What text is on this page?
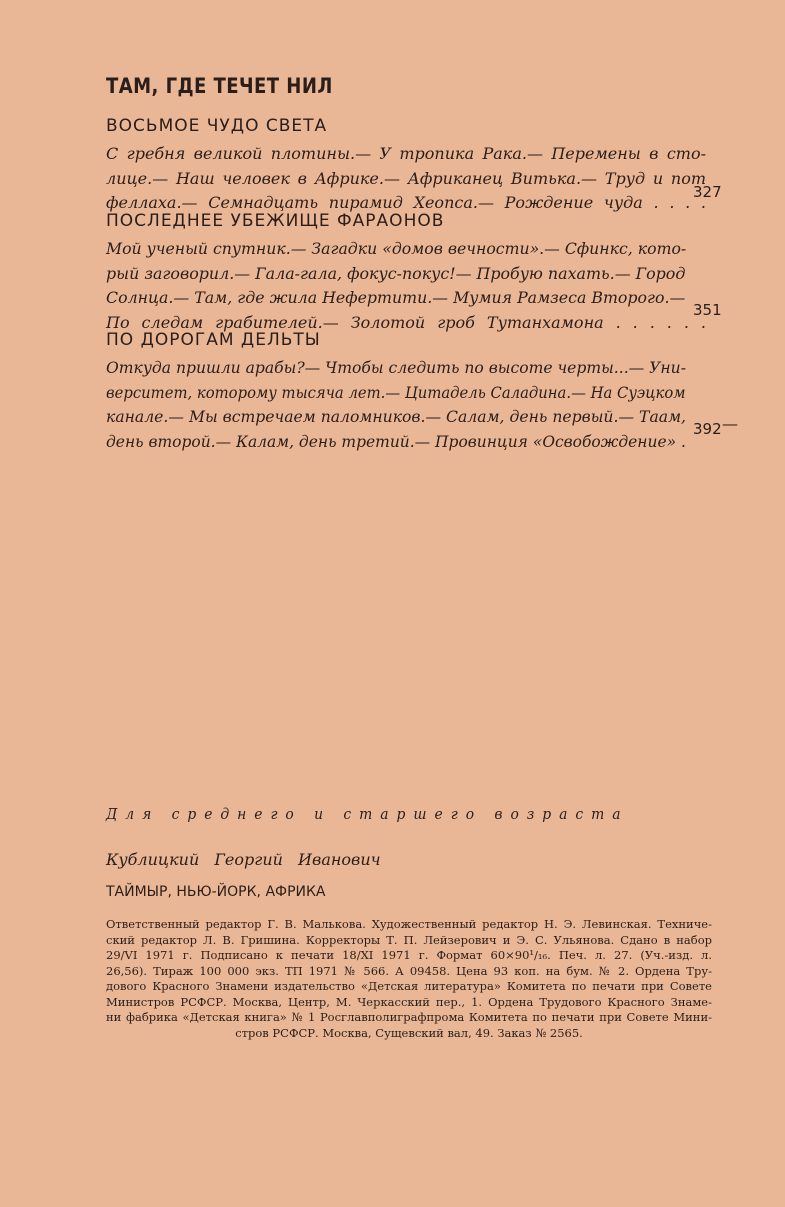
ТАМ, ГДЕ ТЕЧЕТ НИЛ
ВОСЬМОЕ ЧУДО СВЕТА
С гребня великой плотины.— У тропика Рака.— Перемены в сто-
лице.— Наш человек в Африке.— Африканец Витька.— Труд и пот
феллаха.— Семнадцать пирамид Хеопса.— Рождение чуда . . . .
327
ПОСЛЕДНЕЕ УБЕЖИЩЕ ФАРАОНОВ
Мой ученый спутник.— Загадки «домов вечности».— Сфинкс, кото-
рый заговорил.— Гала-гала, фокус-покус!— Пробую пахать.— Город
Солнца.— Там, где жила Нефертити.— Мумия Рамзеса Второго.—
По следам грабителей.— Золотой гроб Тутанхамона . . . . . .
351
ПО ДОРОГАМ ДЕЛЬТЫ
Откуда пришли арабы?— Чтобы следить по высоте черты...— Уни-
верситет, которому тысяча лет.— Цитадель Саладина.— На Суэцком
канале.— Мы встречаем паломников.— Салам, день первый.— Таам,
день второй.— Калам, день третий.— Провинция «Освобождение» .
392 —
Для среднего и старшего возраста
Кублицкий Георгий Иванович
ТАЙМЫР, НЬЮ-ЙОРК, АФРИКА
Ответственный редактор Г. В. Малькова. Художественный редактор Н. Э. Левинская. Техниче-
ский редактор Л. В. Гришина. Корректоры Т. П. Лейзерович и Э. С. Ульянова. Сдано в набор
29/VI 1971 г. Подписано к печати 18/XI 1971 г. Формат 60×90¹/₁₆. Печ. л. 27. (Уч.-изд. л.
26,56). Тираж 100 000 экз. ТП 1971 № 566. А 09458. Цена 93 коп. на бум. № 2. Ордена Тру-
дового Красного Знамени издательство «Детская литература» Комитета по печати при Совете
Министров РСФСР. Москва, Центр, М. Черкасский пер., 1. Ордена Трудового Красного Знаме-
ни фабрика «Детская книга» № 1 Росглавполиграфпрома Комитета по печати при Совете Мини-
стров РСФСР. Москва, Сущевский вал, 49. Заказ № 2565.
